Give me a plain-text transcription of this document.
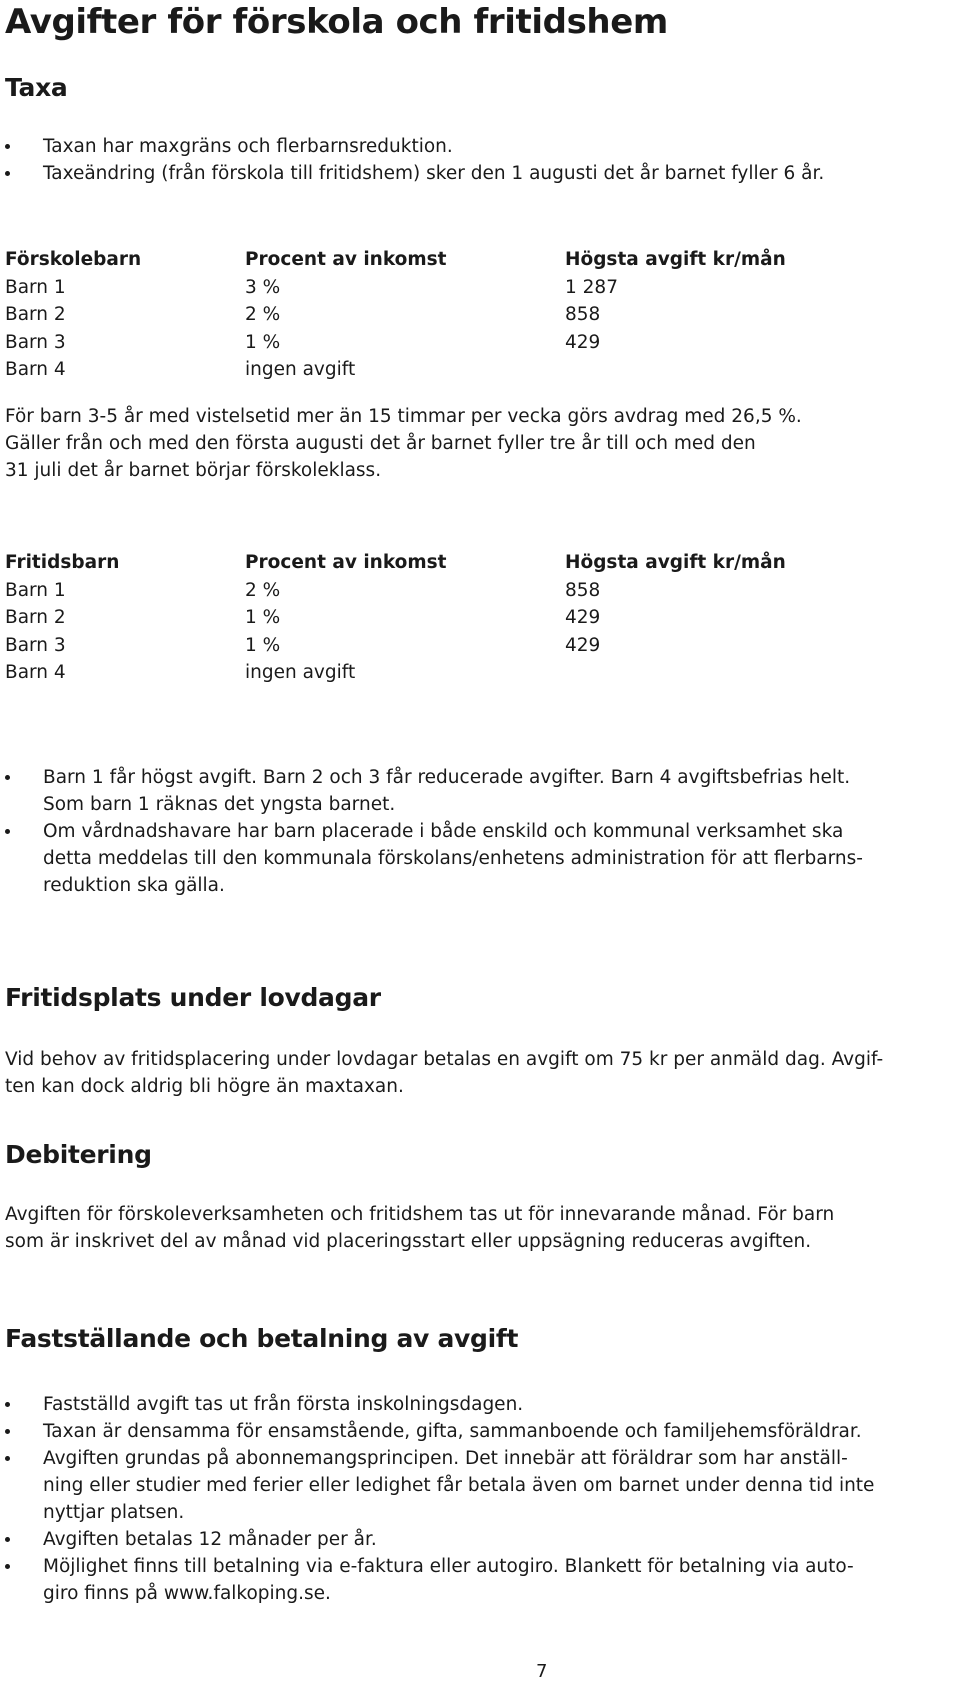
Avgifter för förskola och fritidshem
Taxa
Taxan har maxgräns och flerbarnsreduktion.
Taxeändring (från förskola till fritidshem) sker den 1 augusti det år barnet fyller 6 år.
Förskolebarn	Procent av inkomst	Högsta avgift kr/mån
Barn 1	3 %	1 287
Barn 2	2 %	858
Barn 3	1 %	429
Barn 4	ingen avgift	
För barn 3-5 år med vistelsetid mer än 15 timmar per vecka görs avdrag med 26,5 %.
Gäller från och med den första augusti det år barnet fyller tre år till och med den
31 juli det år barnet börjar förskoleklass.
Fritidsbarn	Procent av inkomst	Högsta avgift kr/mån
Barn 1	2 %	858
Barn 2	1 %	429
Barn 3	1 %	429
Barn 4	ingen avgift	
Barn 1 får högst avgift. Barn 2 och 3 får reducerade avgifter. Barn 4 avgiftsbefrias helt.
Som barn 1 räknas det yngsta barnet.
Om vårdnadshavare har barn placerade i både enskild och kommunal verksamhet ska
detta meddelas till den kommunala förskolans/enhetens administration för att flerbarns-
reduktion ska gälla.
Fritidsplats under lovdagar
Vid behov av fritidsplacering under lovdagar betalas en avgift om 75 kr per anmäld dag. Avgif-
ten kan dock aldrig bli högre än maxtaxan.
Debitering
Avgiften för förskoleverksamheten och fritidshem tas ut för innevarande månad. För barn
som är inskrivet del av månad vid placeringsstart eller uppsägning reduceras avgiften.
Fastställande och betalning av avgift
Fastställd avgift tas ut från första inskolningsdagen.
Taxan är densamma för ensamstående, gifta, sammanboende och familjehemsföräldrar.
Avgiften grundas på abonnemangsprincipen. Det innebär att föräldrar som har anställ-
ning eller studier med ferier eller ledighet får betala även om barnet under denna tid inte
nyttjar platsen.
Avgiften betalas 12 månader per år.
Möjlighet finns till betalning via e-faktura eller autogiro. Blankett för betalning via auto-
giro finns på www.falkoping.se.
7
